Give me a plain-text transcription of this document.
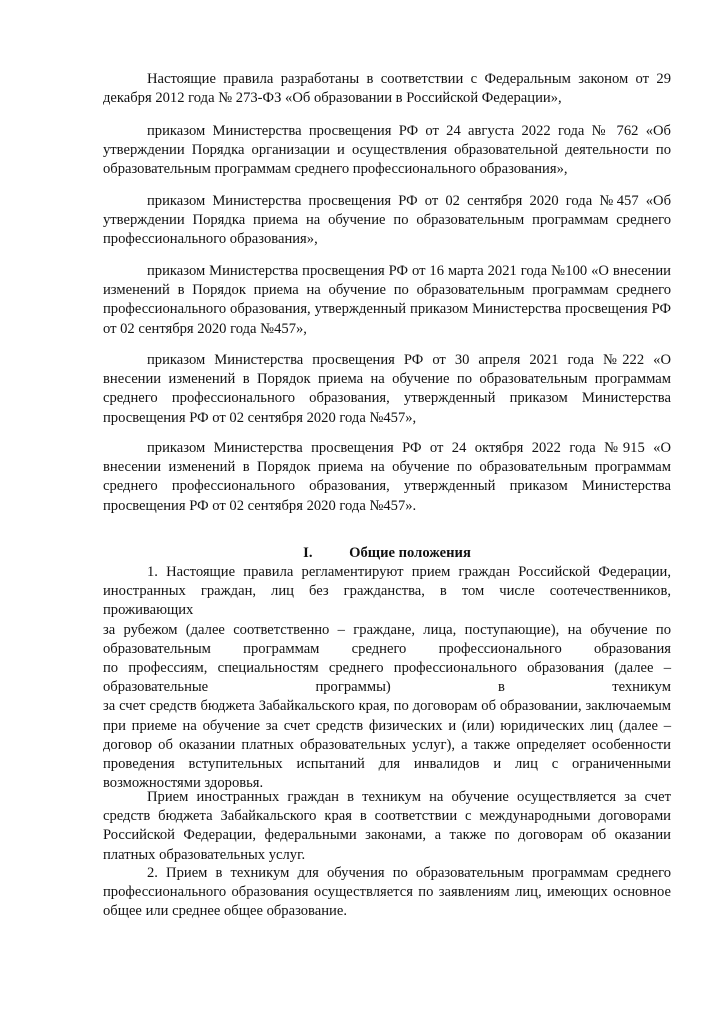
Настоящие правила разработаны в соответствии с Федеральным законом от 29 декабря 2012 года № 273-ФЗ «Об образовании в Российской Федерации»,

приказом Министерства просвещения РФ от 24 августа 2022 года № 762 «Об утверждении Порядка организации и осуществления образовательной деятельности по образовательным программам среднего профессионального образования»,

приказом Министерства просвещения РФ от 02 сентября 2020 года №457 «Об утверждении Порядка приема на обучение по образовательным программам среднего профессионального образования»,

приказом Министерства просвещения РФ от 16 марта 2021 года №100 «О внесении изменений в Порядок приема на обучение по образовательным программам среднего профессионального образования, утвержденный приказом Министерства просвещения РФ от 02 сентября 2020 года №457»,

приказом Министерства просвещения РФ от 30 апреля 2021 года №222 «О внесении изменений в Порядок приема на обучение по образовательным программам среднего профессионального образования, утвержденный приказом Министерства просвещения РФ от 02 сентября 2020 года №457»,

приказом Министерства просвещения РФ от 24 октября 2022 года №915 «О внесении изменений в Порядок приема на обучение по образовательным программам среднего профессионального образования, утвержденный приказом Министерства просвещения РФ от 02 сентября 2020 года №457».

I.	Общие положения
1. Настоящие правила регламентируют прием граждан Российской Федерации,
иностранных граждан, лиц без гражданства, в том числе соотечественников, проживающих
за рубежом (далее соответственно – граждане, лица, поступающие), на обучение по
образовательным программам среднего профессионального образования
по профессиям, специальностям среднего профессионального образования (далее –
образовательные программы) в техникум
за счет средств бюджета Забайкальского края, по договорам об образовании, заключаемым
при приеме на обучение за счет средств физических и (или) юридических лиц (далее –
договор об оказании платных образовательных услуг), а также определяет особенности
проведения вступительных испытаний для инвалидов и лиц с ограниченными
возможностями здоровья.

Прием иностранных граждан в техникум на обучение осуществляется за счет средств бюджета Забайкальского края в соответствии с международными договорами Российской Федерации, федеральными законами, а также по договорам об оказании платных образовательных услуг.

2. Прием в техникум для обучения по образовательным программам среднего профессионального образования осуществляется по заявлениям лиц, имеющих основное общее или среднее общее образование.
